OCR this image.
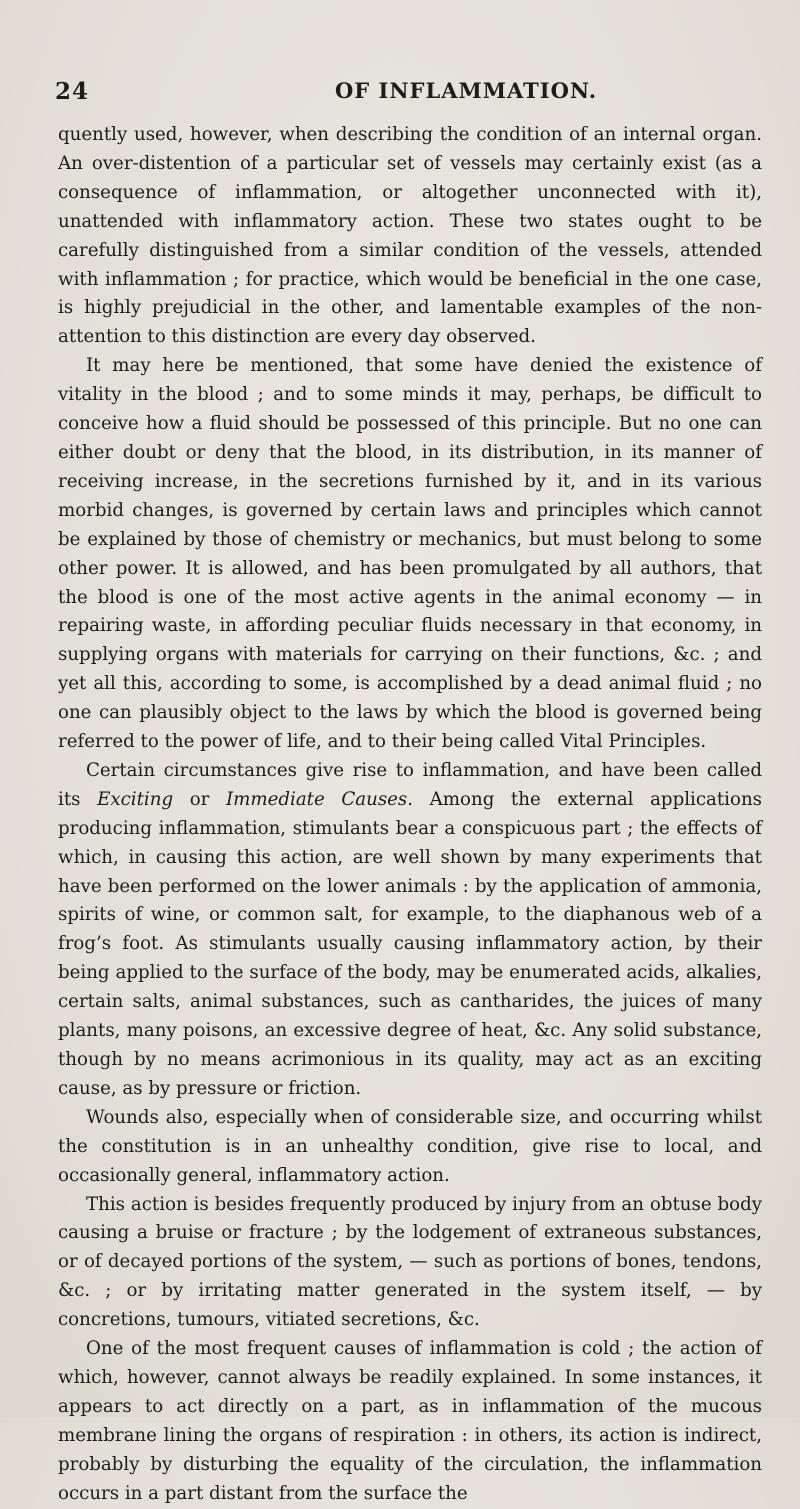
24	OF INFLAMMATION.

quently used, however, when describing the condition of an internal organ. An over-distention of a particular set of vessels may certainly exist (as a consequence of inflammation, or altogether unconnected with it), unattended with inflammatory action. These two states ought to be carefully distinguished from a similar condition of the vessels, attended with inflammation ; for practice, which would be beneficial in the one case, is highly prejudicial in the other, and lamentable examples of the non-attention to this distinction are every day observed.

It may here be mentioned, that some have denied the existence of vitality in the blood ; and to some minds it may, perhaps, be difficult to conceive how a fluid should be possessed of this principle. But no one can either doubt or deny that the blood, in its distribution, in its manner of receiving increase, in the secretions furnished by it, and in its various morbid changes, is governed by certain laws and principles which cannot be explained by those of chemistry or mechanics, but must belong to some other power. It is allowed, and has been promulgated by all authors, that the blood is one of the most active agents in the animal economy — in repairing waste, in affording peculiar fluids necessary in that economy, in supplying organs with materials for carrying on their functions, &c. ; and yet all this, according to some, is accomplished by a dead animal fluid ; no one can plausibly object to the laws by which the blood is governed being referred to the power of life, and to their being called Vital Principles.

Certain circumstances give rise to inflammation, and have been called its Exciting or Immediate Causes. Among the external applications producing inflammation, stimulants bear a conspicuous part ; the effects of which, in causing this action, are well shown by many experiments that have been performed on the lower animals : by the application of ammonia, spirits of wine, or common salt, for example, to the diaphanous web of a frog’s foot. As stimulants usually causing inflammatory action, by their being applied to the surface of the body, may be enumerated acids, alkalies, certain salts, animal substances, such as cantharides, the juices of many plants, many poisons, an excessive degree of heat, &c. Any solid substance, though by no means acrimonious in its quality, may act as an exciting cause, as by pressure or friction.

Wounds also, especially when of considerable size, and occurring whilst the constitution is in an unhealthy condition, give rise to local, and occasionally general, inflammatory action.

This action is besides frequently produced by injury from an obtuse body causing a bruise or fracture ; by the lodgement of extraneous substances, or of decayed portions of the system, — such as portions of bones, tendons, &c. ; or by irritating matter generated in the system itself, — by concretions, tumours, vitiated secretions, &c.

One of the most frequent causes of inflammation is cold ; the action of which, however, cannot always be readily explained. In some instances, it appears to act directly on a part, as in inflammation of the mucous membrane lining the organs of respiration : in others, its action is indirect, probably by disturbing the equality of the circulation, the inflammation occurs in a part distant from the surface the
